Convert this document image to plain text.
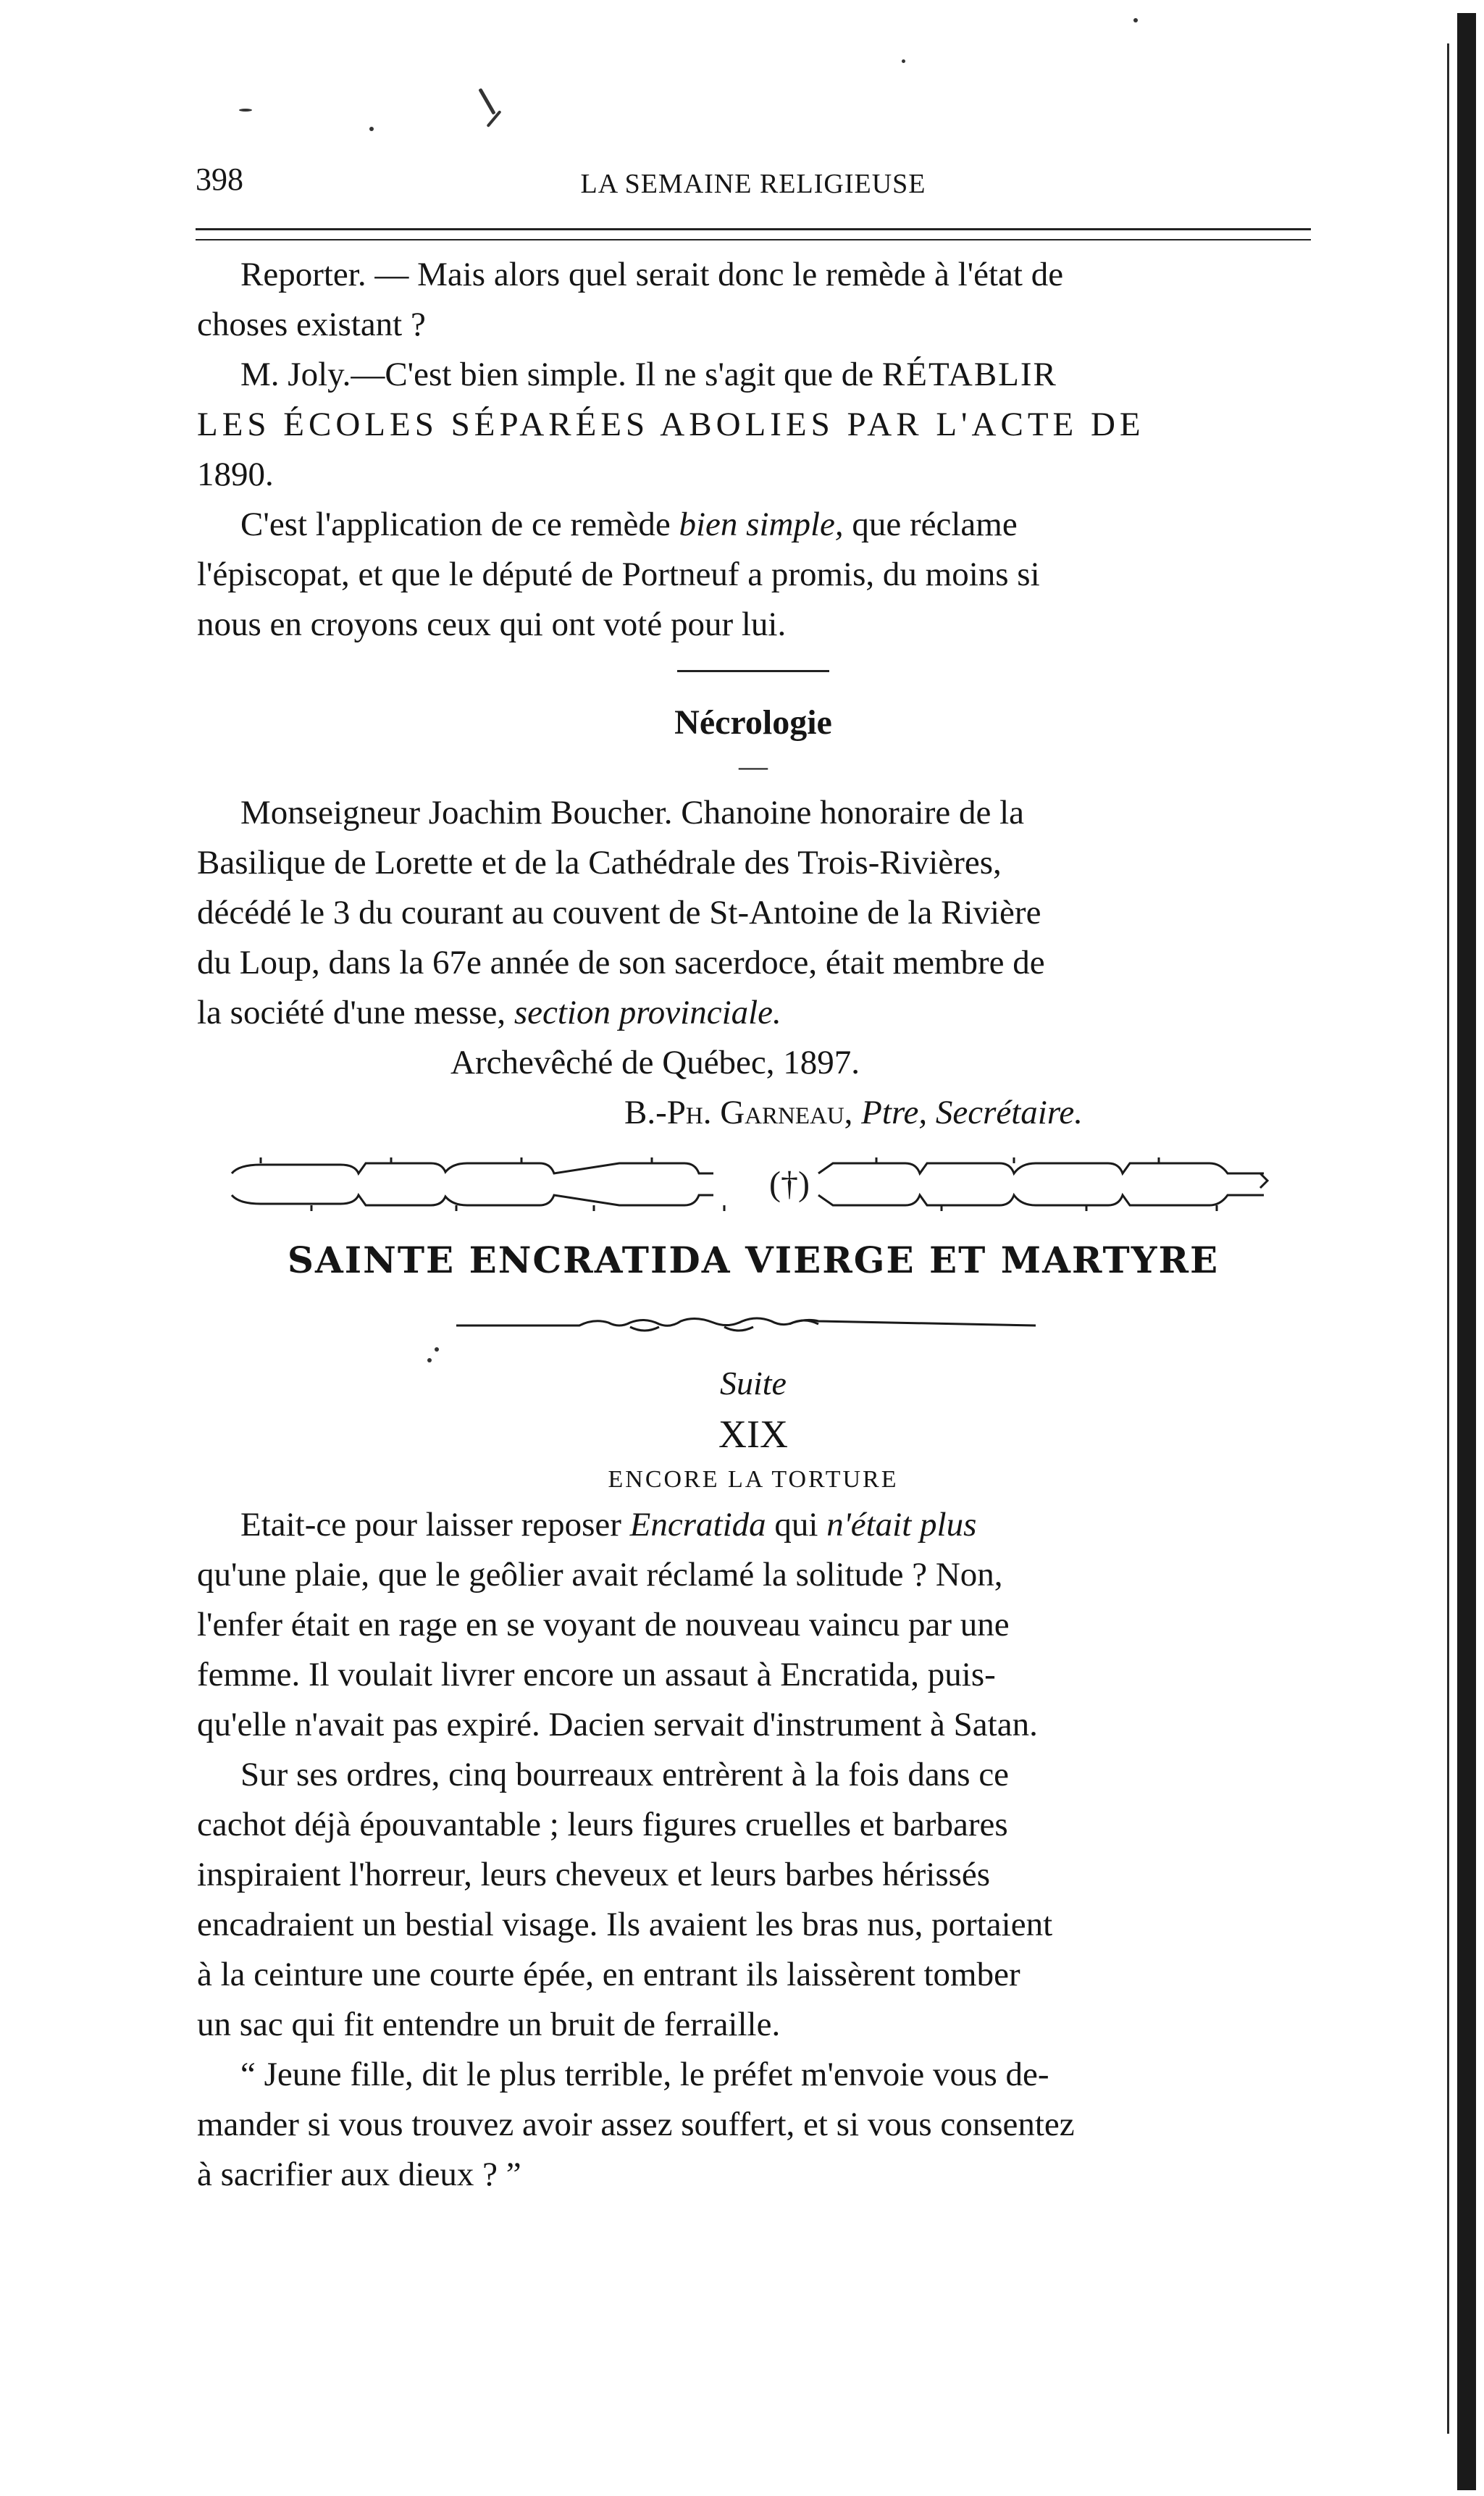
398	LA SEMAINE RELIGIEUSE

Reporter. — Mais alors quel serait donc le remède à l'état de

choses existant ?

M. Joly.—C'est bien simple. Il ne s'agit que de RÉTABLIR

LES ÉCOLES SÉPARÉES ABOLIES PAR L'ACTE DE

1890.

C'est l'application de ce remède bien simple, que réclame

l'épiscopat, et que le député de Portneuf a promis, du moins si

nous en croyons ceux qui ont voté pour lui.

Nécrologie
—

Monseigneur Joachim Boucher. Chanoine honoraire de la

Basilique de Lorette et de la Cathédrale des Trois-Rivières,

décédé le 3 du courant au couvent de St-Antoine de la Rivière

du Loup, dans la 67e année de son sacerdoce, était membre de

la société d'une messe, section provinciale.

Archevêché de Québec, 1897.

B.-Ph. Garneau, Ptre, Secrétaire.

(†)
SAINTE ENCRATIDA VIERGE ET MARTYRE
Suite
XIX
ENCORE LA TORTURE

Etait-ce pour laisser reposer Encratida qui n'était plus

qu'une plaie, que le geôlier avait réclamé la solitude ? Non,

l'enfer était en rage en se voyant de nouveau vaincu par une

femme. Il voulait livrer encore un assaut à Encratida, puis-

qu'elle n'avait pas expiré. Dacien servait d'instrument à Satan.

Sur ses ordres, cinq bourreaux entrèrent à la fois dans ce

cachot déjà épouvantable ; leurs figures cruelles et barbares

inspiraient l'horreur, leurs cheveux et leurs barbes hérissés

encadraient un bestial visage. Ils avaient les bras nus, portaient

à la ceinture une courte épée, en entrant ils laissèrent tomber

un sac qui fit entendre un bruit de ferraille.

“ Jeune fille, dit le plus terrible, le préfet m'envoie vous de-

mander si vous trouvez avoir assez souffert, et si vous consentez

à sacrifier aux dieux ? ”
